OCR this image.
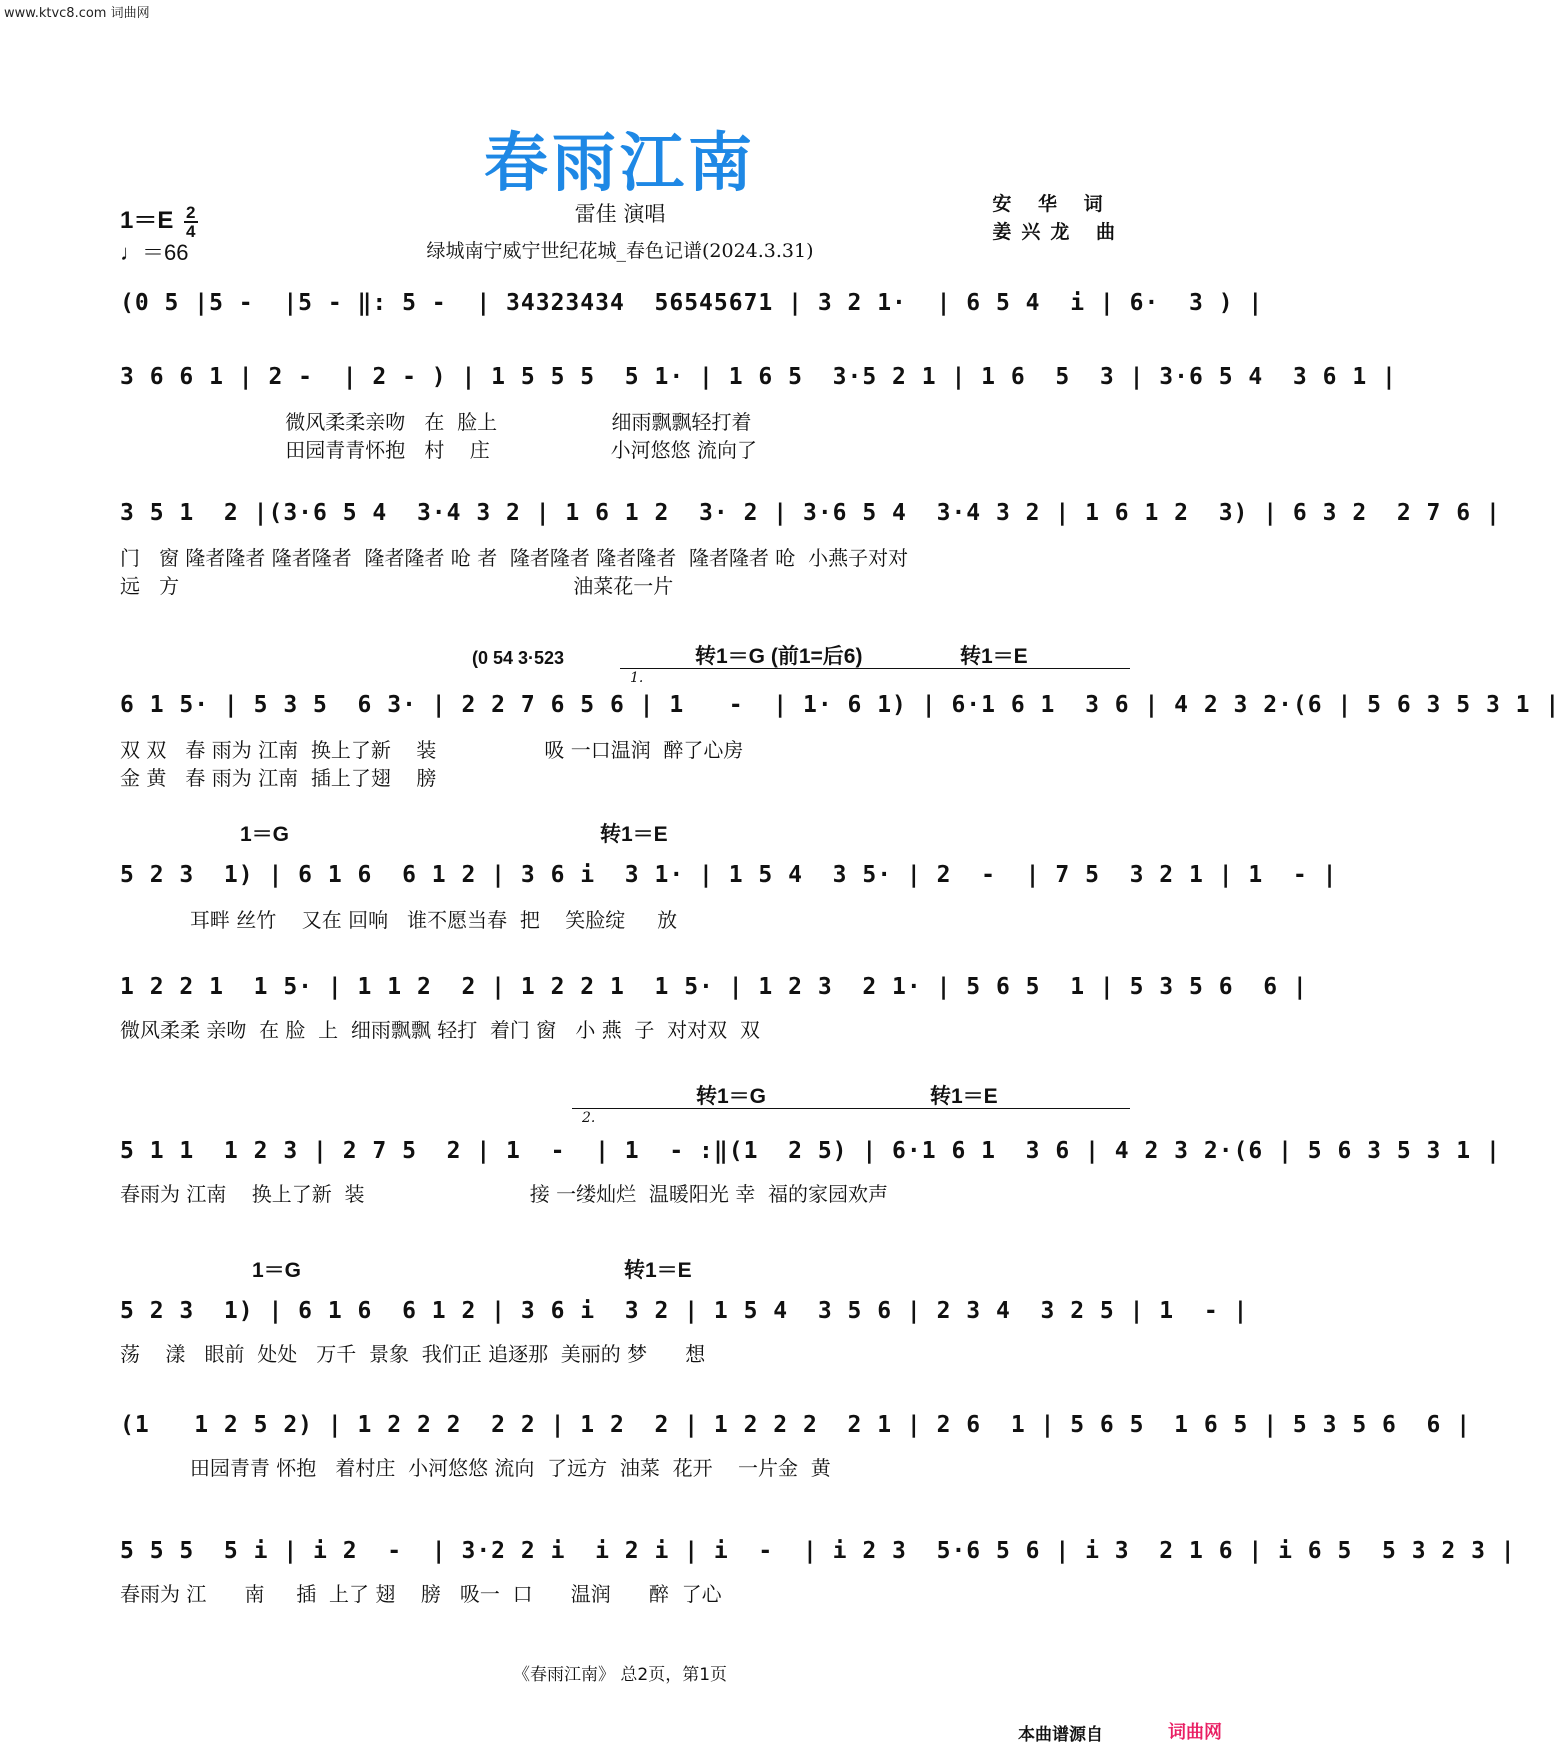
www.ktvc8.com 词曲网
春雨江南
$1=E \frac{2}{4}$
♩＝66
雷佳 演唱
绿城南宁威宁世纪花城_春色记谱(2024.3.31)
安 华 词
姜兴龙 曲
(0 5 |5 -  |5 - ‖: 5 -  | 34323434  56545671 | 3 2 1·  | 6 5 4  i | 6·  3 ) |
3 6 6 1 | 2 -  | 2 - ) | 1 5 5 5  5 1· | 1 6 5  3·5 2 1 | 1 6  5  3 | 3·6 5 4  3 6 1 |
微风柔柔亲吻   在  脸上                  细雨飘飘轻打着
田园青青怀抱   村    庄                   小河悠悠 流向了
3 5 1  2 |(3·6 5 4  3·4 3 2 | 1 6 1 2  3· 2 | 3·6 5 4  3·4 3 2 | 1 6 1 2  3) | 6 3 2  2 7 6 |
门   窗 隆者隆者 隆者隆者  隆者隆者 呛 者  隆者隆者 隆者隆者  隆者隆者 呛  小燕子对对
远   方                                                              油菜花一片
(0 54 3·523	转1＝G (前1=后6)	转1＝E
1.
6 1 5· | 5 3 5  6 3· | 2 2 7 6 5 6 | 1   -  | 1· 6 1) | 6·1 6 1  3 6 | 4 2 3 2·(6 | 5 6 3 5 3 1 |
双 双   春 雨为 江南  换上了新    装                 吸 一口温润  醉了心房
金 黄   春 雨为 江南  插上了翅    膀
1＝G	转1＝E
5 2 3  1) | 6 1 6  6 1 2 | 3 6 i  3 1· | 1 5 4  3 5· | 2  -  | 7 5  3 2 1 | 1  - |
耳畔 丝竹    又在 回响   谁不愿当春  把    笑脸绽     放
1 2 2 1  1 5· | 1 1 2  2 | 1 2 2 1  1 5· | 1 2 3  2 1· | 5 6 5  1 | 5 3 5 6  6 |
微风柔柔 亲吻  在 脸  上  细雨飘飘 轻打  着门 窗   小 燕  子  对对双  双
转1＝G	转1＝E
2.
5 1 1  1 2 3 | 2 7 5  2 | 1  -  | 1  - :‖(1  2 5) | 6·1 6 1  3 6 | 4 2 3 2·(6 | 5 6 3 5 3 1 |
春雨为 江南    换上了新  装                          接 一缕灿烂  温暖阳光 幸  福的家园欢声
1＝G	转1＝E
5 2 3  1) | 6 1 6  6 1 2 | 3 6 i  3 2 | 1 5 4  3 5 6 | 2 3 4  3 2 5 | 1  - |
荡    漾   眼前  处处   万千  景象  我们正 追逐那  美丽的 梦      想
(1   1 2 5 2) | 1 2 2 2  2 2 | 1 2  2 | 1 2 2 2  2 1 | 2 6  1 | 5 6 5  1 6 5 | 5 3 5 6  6 |
田园青青 怀抱   着村庄  小河悠悠 流向  了远方  油菜  花开    一片金  黄
5 5 5  5 i | i 2  -  | 3·2 2 i  i 2 i | i  -  | i 2 3  5·6 5 6 | i 3  2 1 6 | i 6 5  5 3 2 3 |
春雨为 江      南     插  上了 翅    膀   吸一  口      温润      醉  了心
《春雨江南》 总2页，第1页
本曲谱源自	词曲网
